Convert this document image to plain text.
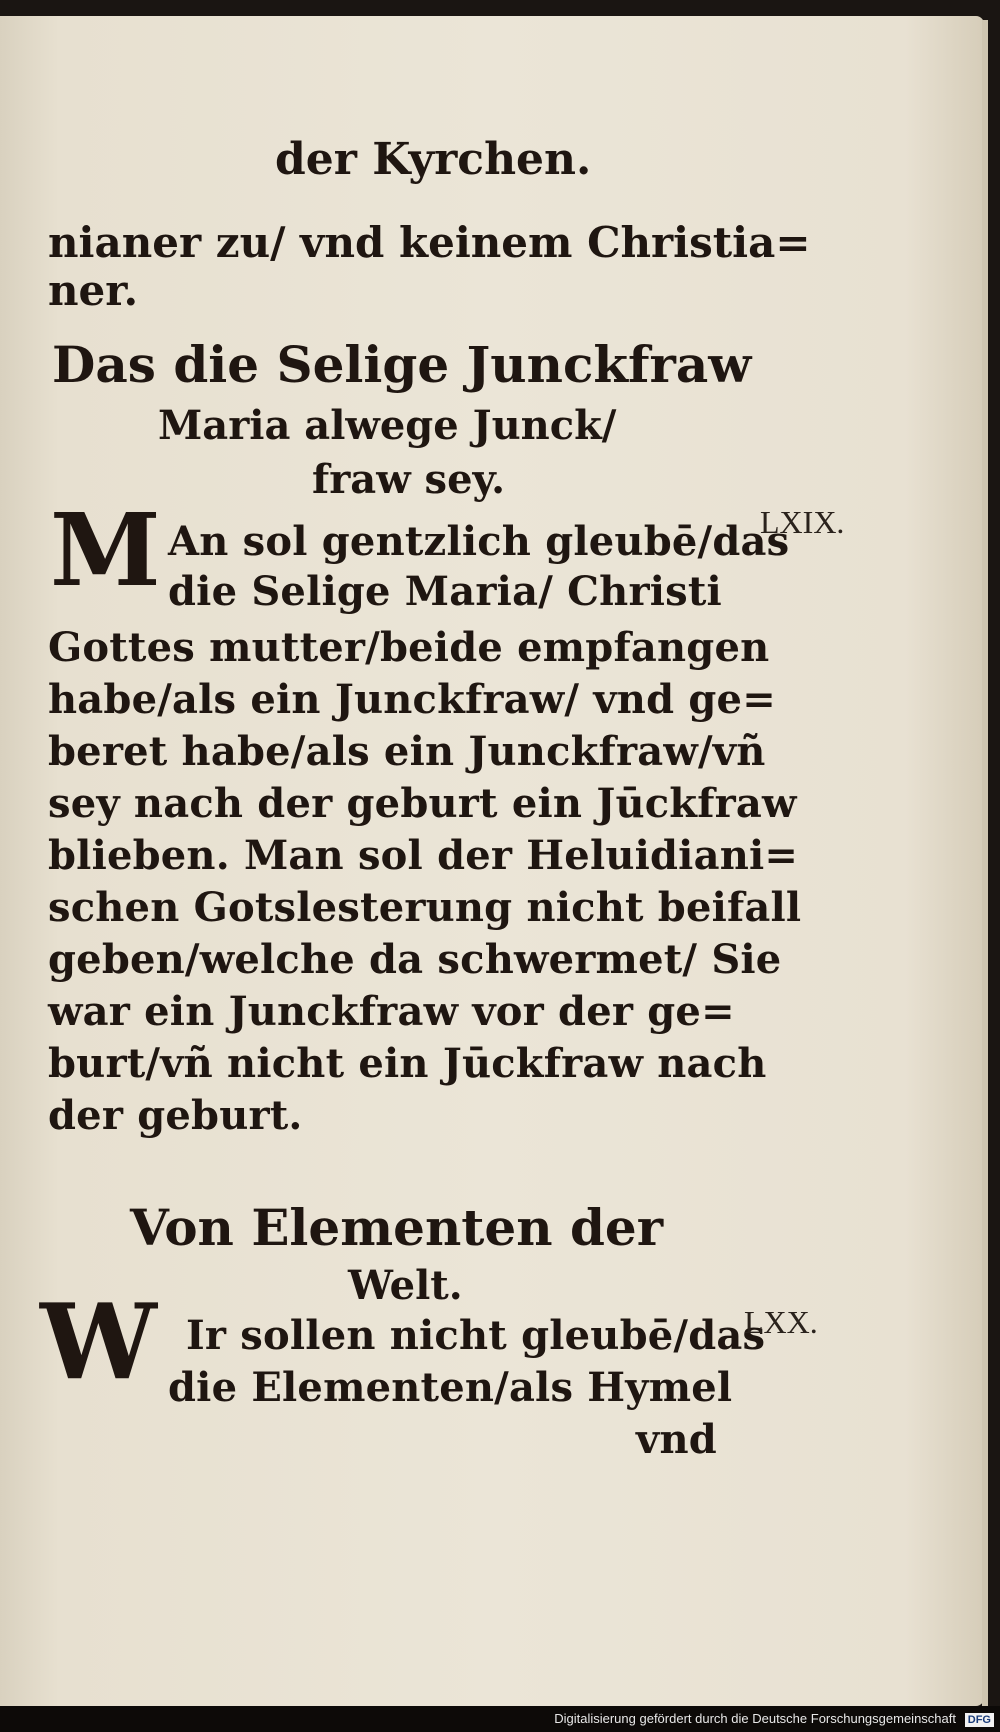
der Kyrchen.
nianer zu/ vnd keinem Christia=
ner.
Das die Selige Junckfraw
Maria alwege Junck/
fraw sey.
M An sol gentzlich gleubē/das
die Selige Maria/ Christi
Gottes mutter/beide empfangen
habe/als ein Junckfraw/ vnd ge=
beret habe/als ein Junckfraw/vñ
sey nach der geburt ein Jūckfraw
blieben. Man sol der Heluidiani=
schen Gotslesterung nicht beifall
geben/welche da schwermet/ Sie
war ein Junckfraw vor der ge=
burt/vñ nicht ein Jūckfraw nach
der geburt.
LXIX.
Von Elementen der
Welt.
W Ir sollen nicht gleubē/das
die Elementen/als Hymel
vnd
LXX.
Digitalisierung gefördert durch die Deutsche Forschungsgemeinschaft DFG
